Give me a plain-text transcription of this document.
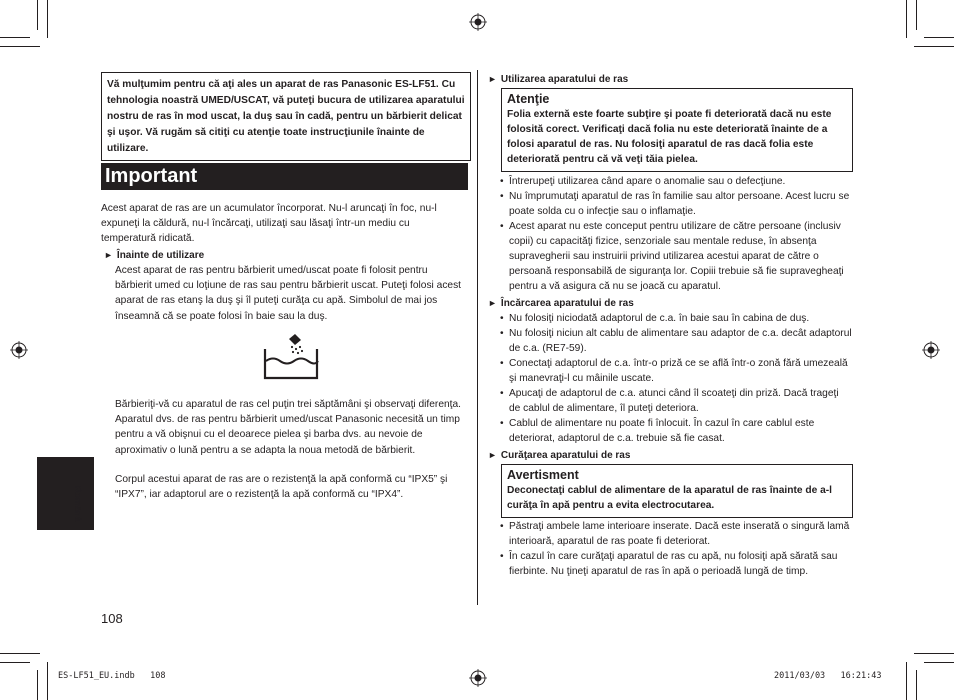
Vă mulţumim pentru că aţi ales un aparat de ras Panasonic ES-LF51. Cu tehnologia noastră UMED/USCAT, vă puteţi bucura de utilizarea aparatului nostru de ras în mod uscat, la duş sau în cadă, pentru un bărbierit delicat şi uşor. Vă rugăm să citiţi cu atenţie toate instrucţiunile înainte de utilizare.
Important
Acest aparat de ras are un acumulator încorporat. Nu-l aruncaţi în foc, nu-l expuneţi la căldură, nu-l încărcaţi, utilizaţi sau lăsaţi într-un mediu cu temperatură ridicată.
► Înainte de utilizare
Acest aparat de ras pentru bărbierit umed/uscat poate fi folosit pentru bărbierit umed cu loţiune de ras sau pentru bărbierit uscat. Puteţi folosi acest aparat de ras etanş la duş şi îl puteţi curăţa cu apă. Simbolul de mai jos înseamnă că se poate folosi în baie sau la duş.
Bărbieriţi-vă cu aparatul de ras cel puţin trei săptămâni şi observaţi diferenţa. Aparatul dvs. de ras pentru bărbierit umed/uscat Panasonic necesită un timp pentru a vă obişnui cu el deoarece pielea şi barba dvs. au nevoie de aproximativ o lună pentru a se adapta la noua metodă de bărbierit.
Corpul acestui aparat de ras are o rezistenţă la apă conformă cu “IPX5” şi “IPX7”, iar adaptorul are o rezistenţă la apă conformă cu “IPX4”.
► Utilizarea aparatului de ras
Atenţie
Folia externă este foarte subţire şi poate fi deteriorată dacă nu este folosită corect. Verificaţi dacă folia nu este deteriorată înainte de a folosi aparatul de ras. Nu folosiţi aparatul de ras dacă folia este deteriorată pentru că vă veţi tăia pielea.
• Întrerupeţi utilizarea când apare o anomalie sau o defecţiune.
• Nu împrumutaţi aparatul de ras în familie sau altor persoane. Acest lucru se poate solda cu o infecţie sau o inflamaţie.
• Acest aparat nu este conceput pentru utilizare de către persoane (inclusiv copii) cu capacităţi fizice, senzoriale sau mentale reduse, în absenţa supravegherii sau instruirii privind utilizarea acestui aparat de către o persoană responsabilă de siguranţa lor. Copiii trebuie să fie supravegheaţi pentru a vă asigura că nu se joacă cu aparatul.
► Încărcarea aparatului de ras
• Nu folosiţi niciodată adaptorul de c.a. în baie sau în cabina de duş.
• Nu folosiţi niciun alt cablu de alimentare sau adaptor de c.a. decât adaptorul de c.a. (RE7-59).
• Conectaţi adaptorul de c.a. într-o priză ce se află într-o zonă fără umezeală şi manevraţi-l cu mâinile uscate.
• Apucaţi de adaptorul de c.a. atunci când îl scoateţi din priză. Dacă trageţi de cablul de alimentare, îl puteţi deteriora.
• Cablul de alimentare nu poate fi înlocuit. În cazul în care cablul este deteriorat, adaptorul de c.a. trebuie să fie casat.
► Curăţarea aparatului de ras
Avertisment
Deconectaţi cablul de alimentare de la aparatul de ras înainte de a-l curăţa în apă pentru a evita electrocutarea.
• Păstraţi ambele lame interioare inserate. Dacă este inserată o singură lamă interioară, aparatul de ras poate fi deteriorat.
• În cazul în care curăţaţi aparatul de ras cu apă, nu folosiţi apă sărată sau fierbinte. Nu ţineţi aparatul de ras în apă o perioadă lungă de timp.
Română
108
ES-LF51_EU.indb   108	2011/03/03   16:21:43
